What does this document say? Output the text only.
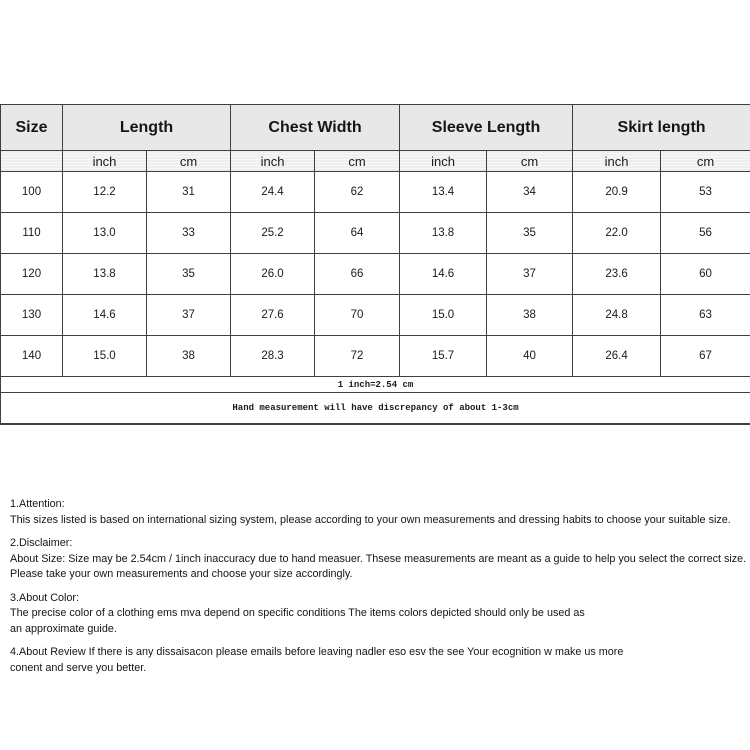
Size	Length		Chest Width		Sleeve Length		Skirt length	
	inch	cm	inch	cm	inch	cm	inch	cm
100	12.2	31	24.4	62	13.4	34	20.9	53
110	13.0	33	25.2	64	13.8	35	22.0	56
120	13.8	35	26.0	66	14.6	37	23.6	60
130	14.6	37	27.6	70	15.0	38	24.8	63
140	15.0	38	28.3	72	15.7	40	26.4	67
1 inch=2.54 cm								
Hand measurement will have discrepancy of about 1-3cm								
1.Attention:
This sizes listed is based on international sizing system, please according to your own measurements and dressing habits to choose your suitable size.
2.Disclaimer:
About Size: Size may be 2.54cm / 1inch inaccuracy due to hand measuer. Thsese measurements are meant as a guide to help you select the correct size.
Please take your own measurements and choose your size accordingly.
3.About Color:
The precise color of a clothing ems mva depend on specific conditions The items colors depicted should only be used as
an approximate guide.
4.About Review If there is any dissaisacon please emails before leaving nadler eso esv the see Your ecognition w make us more
conent and serve you better.
